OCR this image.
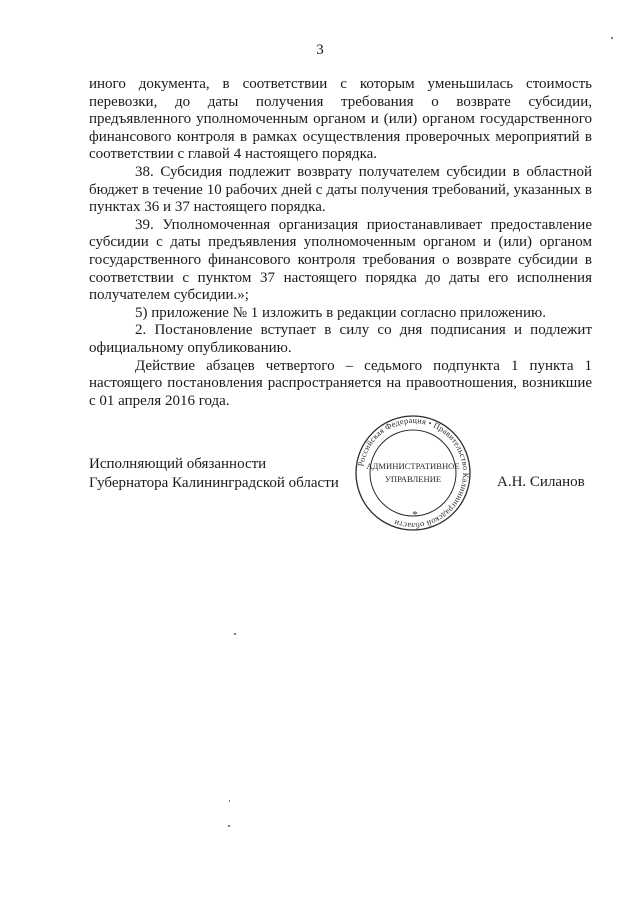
3

иного документа, в соответствии с которым уменьшилась стоимость перевозки, до даты получения требования о возврате субсидии, предъявленного уполномоченным органом и (или) органом государственного финансового контроля в рамках осуществления проверочных мероприятий в соответствии с главой 4 настоящего порядка.

38. Субсидия подлежит возврату получателем субсидии в областной бюджет в течение 10 рабочих дней с даты получения требований, указанных в пунктах 36 и 37 настоящего порядка.

39. Уполномоченная организация приостанавливает предоставление субсидии с даты предъявления уполномоченным органом и (или) органом государственного финансового контроля требования о возврате субсидии в соответствии с пунктом 37 настоящего порядка до даты его исполнения получателем субсидии.»;

5) приложение № 1 изложить в редакции согласно приложению.

2. Постановление вступает в силу со дня подписания и подлежит официальному опубликованию.

Действие абзацев четвертого – седьмого подпункта 1 пункта 1 настоящего постановления распространяется на правоотношения, возникшие с 01 апреля 2016 года.

Исполняющий обязанности
Губернатора Калининградской области	А.Н. Силанов
Российская Федерация • Правительство Калининградской области
АДМИНИСТРАТИВНОЕ
УПРАВЛЕНИЕ
*
